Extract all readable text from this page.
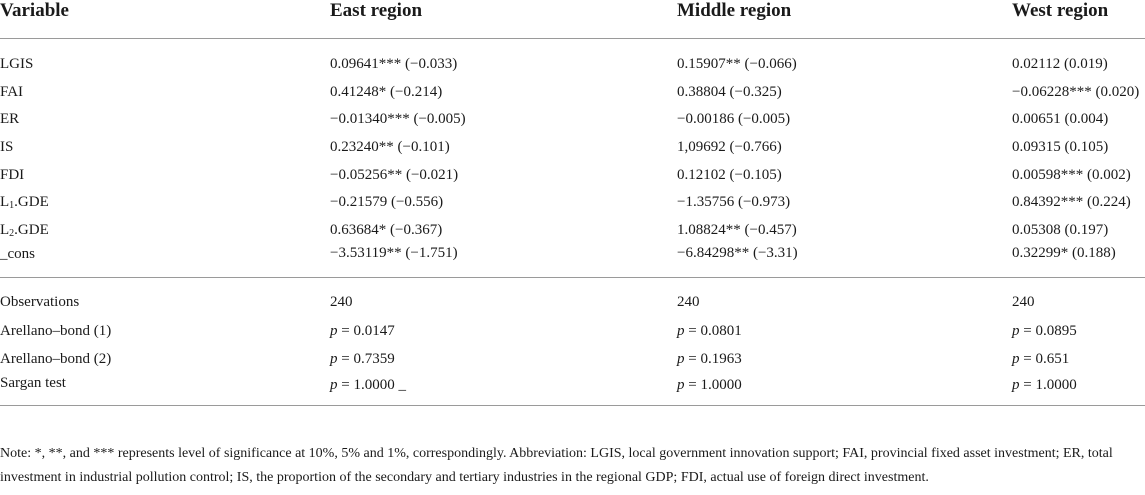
Variable	East region	Middle region	West region

LGIS	0.09641*** (−0.033)	0.15907** (−0.066)	0.02112 (0.019)
FAI	0.41248* (−0.214)	0.38804 (−0.325)	−0.06228*** (0.020)
ER	−0.01340*** (−0.005)	−0.00186 (−0.005)	0.00651 (0.004)
IS	0.23240** (−0.101)	1,09692 (−0.766)	0.09315 (0.105)
FDI	−0.05256** (−0.021)	0.12102 (−0.105)	0.00598*** (0.002)
$L_1.GDE$	−0.21579 (−0.556)	−1.35756 (−0.973)	0.84392*** (0.224)
$L_2.GDE$	0.63684* (−0.367)	1.08824** (−0.457)	0.05308 (0.197)
_cons	−3.53119** (−1.751)	−6.84298** (−3.31)	0.32299* (0.188)
Observations	240	240	240
Arellano–bond (1)	p = 0.0147	p = 0.0801	p = 0.0895
Arellano–bond (2)	p = 0.7359	p = 0.1963	p = 0.651
Sargan test	p = 1.0000 _	p = 1.0000	p = 1.0000
Note: *, **, and *** represents level of significance at 10%, 5% and 1%, correspondingly. Abbreviation: LGIS, local government innovation support; FAI, provincial fixed asset investment; ER, total investment in industrial pollution control; IS, the proportion of the secondary and tertiary industries in the regional GDP; FDI, actual use of foreign direct investment.
